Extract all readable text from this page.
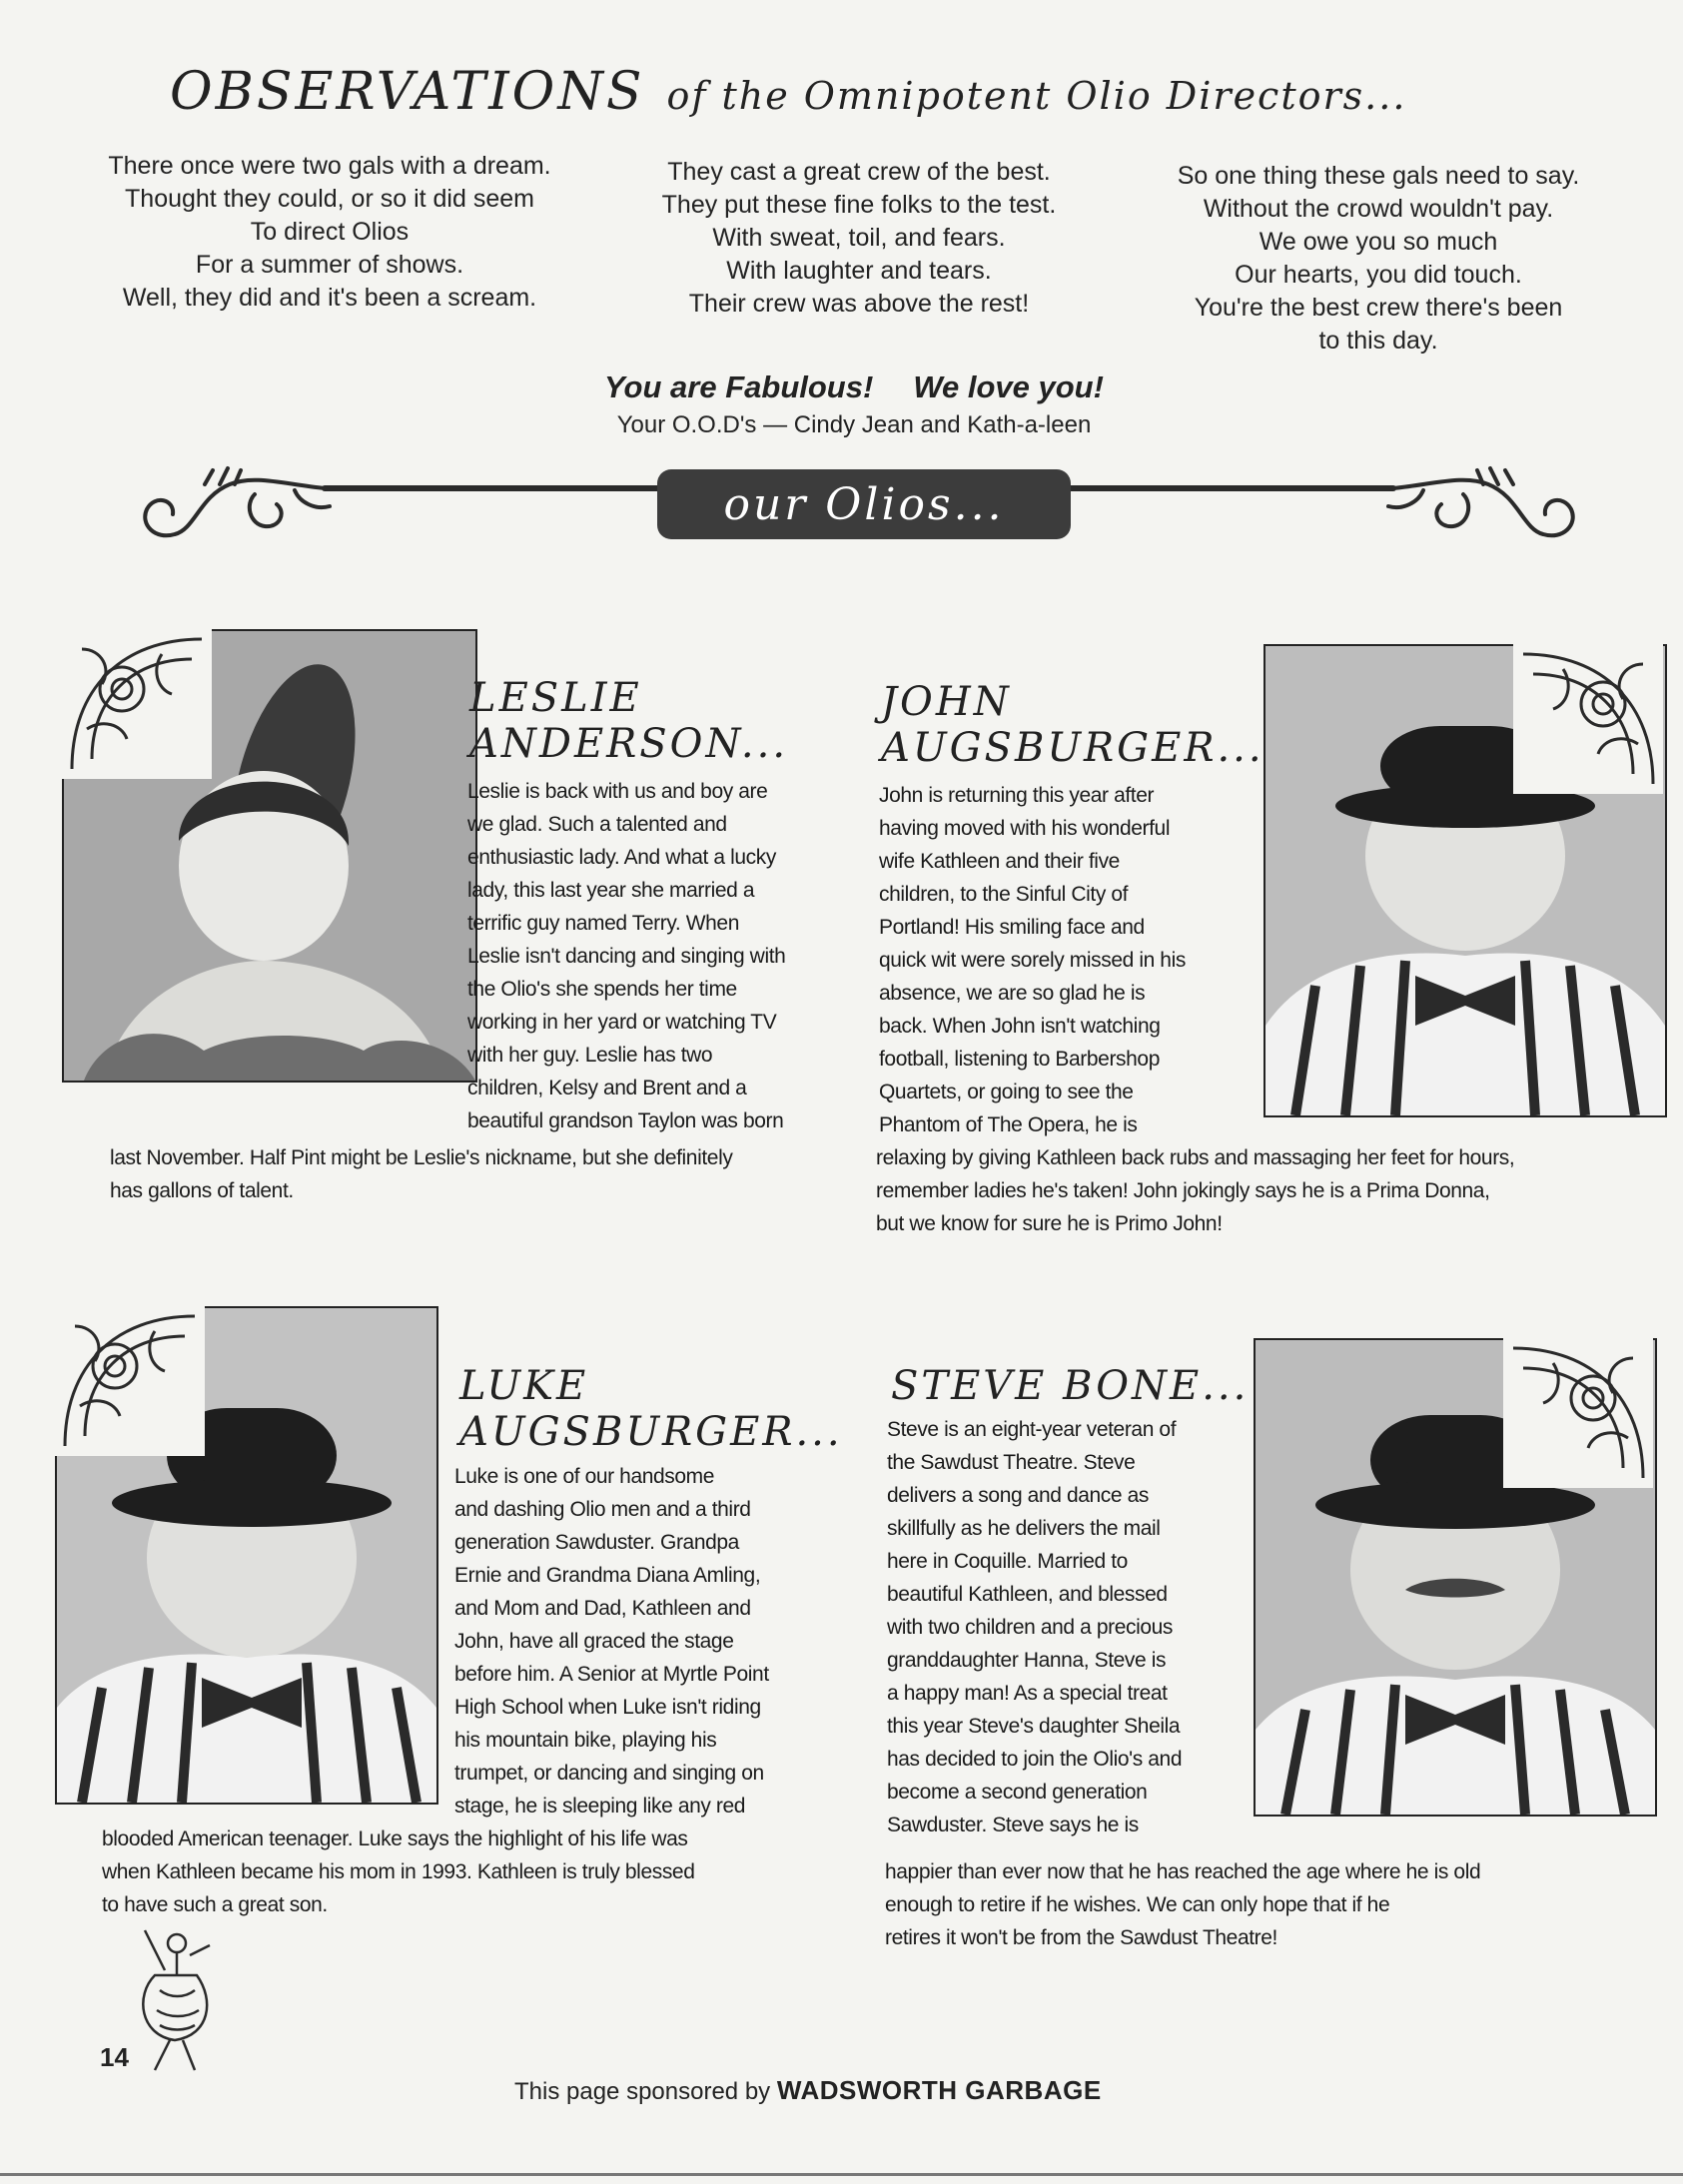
OBSERVATIONS of the Omnipotent Olio Directors...
There once were two gals with a dream.
Thought they could, or so it did seem
To direct Olios
For a summer of shows.
Well, they did and it's been a scream.
They cast a great crew of the best.
They put these fine folks to the test.
With sweat, toil, and fears.
With laughter and tears.
Their crew was above the rest!
So one thing these gals need to say.
Without the crowd wouldn't pay.
We owe you so much
Our hearts, you did touch.
You're the best crew there's been
to this day.
You are Fabulous! We love you!
Your O.O.D's — Cindy Jean and Kath-a-leen
our Olios...
LESLIE
ANDERSON...
Leslie is back with us and boy are
we glad. Such a talented and
enthusiastic lady. And what a lucky
lady, this last year she married a
terrific guy named Terry. When
Leslie isn't dancing and singing with
the Olio's she spends her time
working in her yard or watching TV
with her guy. Leslie has two
children, Kelsy and Brent and a
beautiful grandson Taylon was born
last November. Half Pint might be Leslie's nickname, but she definitely
has gallons of talent.
JOHN
AUGSBURGER...
John is returning this year after
having moved with his wonderful
wife Kathleen and their five
children, to the Sinful City of
Portland! His smiling face and
quick wit were sorely missed in his
absence, we are so glad he is
back. When John isn't watching
football, listening to Barbershop
Quartets, or going to see the
Phantom of The Opera, he is
relaxing by giving Kathleen back rubs and massaging her feet for hours,
remember ladies he's taken! John jokingly says he is a Prima Donna,
but we know for sure he is Primo John!
LUKE
AUGSBURGER...
Luke is one of our handsome
and dashing Olio men and a third
generation Sawduster. Grandpa
Ernie and Grandma Diana Amling,
and Mom and Dad, Kathleen and
John, have all graced the stage
before him. A Senior at Myrtle Point
High School when Luke isn't riding
his mountain bike, playing his
trumpet, or dancing and singing on
stage, he is sleeping like any red
blooded American teenager. Luke says the highlight of his life was
when Kathleen became his mom in 1993. Kathleen is truly blessed
to have such a great son.
STEVE BONE...
Steve is an eight-year veteran of
the Sawdust Theatre. Steve
delivers a song and dance as
skillfully as he delivers the mail
here in Coquille. Married to
beautiful Kathleen, and blessed
with two children and a precious
granddaughter Hanna, Steve is
a happy man! As a special treat
this year Steve's daughter Sheila
has decided to join the Olio's and
become a second generation
Sawduster. Steve says he is
happier than ever now that he has reached the age where he is old
enough to retire if he wishes. We can only hope that if he
retires it won't be from the Sawdust Theatre!
14
This page sponsored by WADSWORTH GARBAGE
